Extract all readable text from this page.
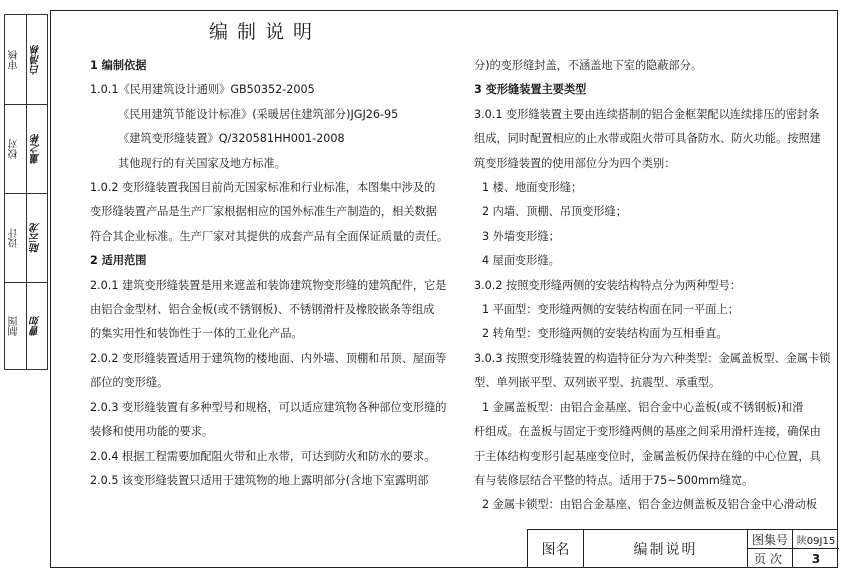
审核 白清栋
校对 董之彬
设计 陆云龙
制图 曹如

编制说明

1 编制依据

1.0.1《民用建筑设计通则》GB50352-2005

《民用建筑节能设计标准》(采暖居住建筑部分)JGJ26-95

《建筑变形缝装置》Q/320581HH001-2008

其他现行的有关国家及地方标准。

1.0.2 变形缝装置我国目前尚无国家标准和行业标准，本图集中涉及的

变形缝装置产品是生产厂家根据相应的国外标准生产制造的，相关数据

符合其企业标准。生产厂家对其提供的成套产品有全面保证质量的责任。

2 适用范围

2.0.1 建筑变形缝装置是用来遮盖和装饰建筑物变形缝的建筑配件，它是

由铝合金型材、铝合金板(或不锈钢板)、不锈钢滑杆及橡胶嵌条等组成

的集实用性和装饰性于一体的工业化产品。

2.0.2 变形缝装置适用于建筑物的楼地面、内外墙、顶棚和吊顶、屋面等

部位的变形缝。

2.0.3 变形缝装置有多种型号和规格，可以适应建筑物各种部位变形缝的

装修和使用功能的要求。

2.0.4 根据工程需要加配阻火带和止水带，可达到防火和防水的要求。

2.0.5 该变形缝装置只适用于建筑物的地上露明部分(含地下室露明部

分)的变形缝封盖，不涵盖地下室的隐蔽部分。

3 变形缝装置主要类型

3.0.1 变形缝装置主要由连续搭制的铝合金框架配以连续排压的密封条

组成，同时配置相应的止水带或阻火带可具备防水、防火功能。按照建

筑变形缝装置的使用部位分为四个类别：

1 楼、地面变形缝；

2 内墙、顶棚、吊顶变形缝；

3 外墙变形缝；

4 屋面变形缝。

3.0.2 按照变形缝两侧的安装结构特点分为两种型号：

1 平面型：变形缝两侧的安装结构面在同一平面上；

2 转角型：变形缝两侧的安装结构面为互相垂直。

3.0.3 按照变形缝装置的构造特征分为六种类型：金属盖板型、金属卡锁

型、单列嵌平型、双列嵌平型、抗震型、承重型。

1 金属盖板型：由铝合金基座、铝合金中心盖板(或不锈钢板)和滑

杆组成。在盖板与固定于变形缝两侧的基座之间采用滑杆连接，确保由

于主体结构变形引起基座变位时，金属盖板仍保持在缝的中心位置，具

有与装修层结合平整的特点。适用于75~500mm缝宽。

2 金属卡锁型：由铝合金基座、铝合金边侧盖板及铝合金中心滑动板

图名	编制说明
图集号 陕09J15
页次	3
